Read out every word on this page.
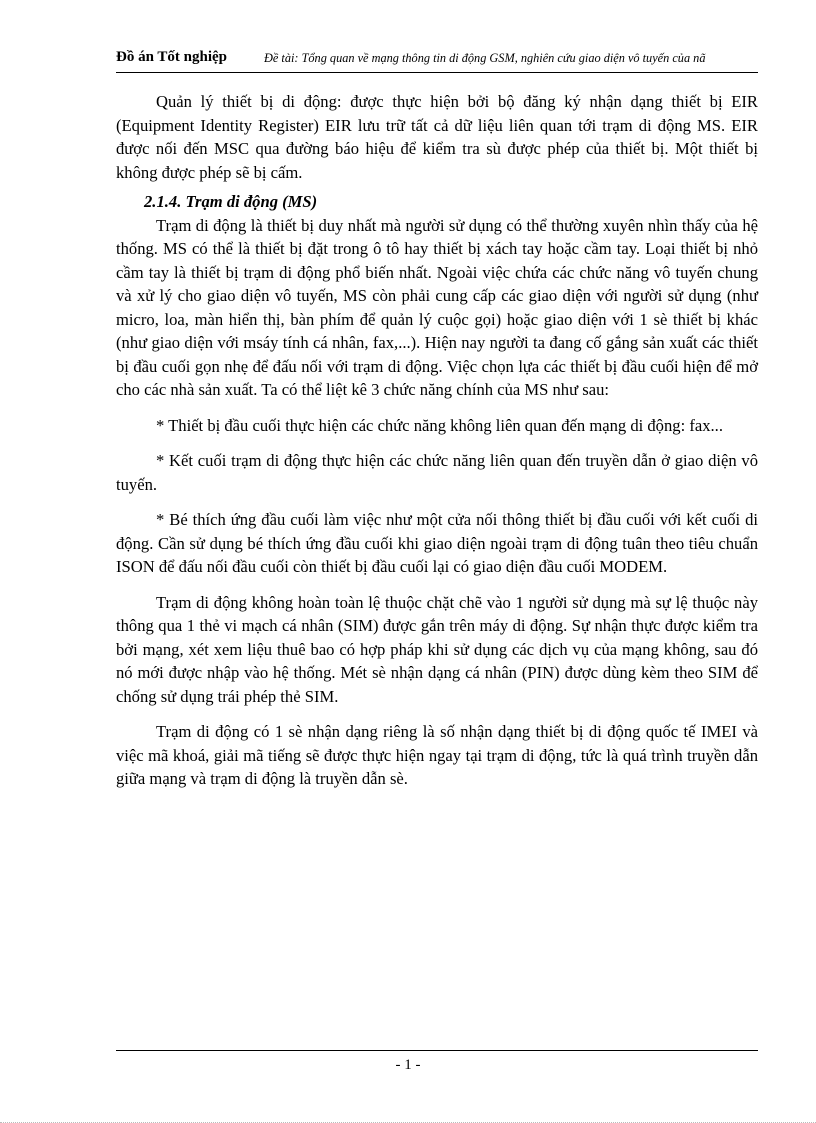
Đồ án Tốt nghiệp	Đề tài: Tổng quan về mạng thông tin di động GSM, nghiên cứu giao diện vô tuyến của nã

Quản lý thiết bị di động: được thực hiện bởi bộ đăng ký nhận dạng thiết bị EIR (Equipment Identity Register) EIR lưu trữ tất cả dữ liệu liên quan tới trạm di động MS. EIR được nối đến MSC qua đường báo hiệu để kiểm tra sù được phép của thiết bị. Một thiết bị không được phép sẽ bị cấm.

2.1.4. Trạm di động (MS)

Trạm di động là thiết bị duy nhất mà người sử dụng có thể thường xuyên nhìn thấy của hệ thống. MS có thể là thiết bị đặt trong ô tô hay thiết bị xách tay hoặc cầm tay. Loại thiết bị nhỏ cầm tay là thiết bị trạm di động phổ biến nhất. Ngoài việc chứa các chức năng vô tuyến chung và xử lý cho giao diện vô tuyến, MS còn phải cung cấp các giao diện với người sử dụng (như micro, loa, màn hiển thị, bàn phím để quản lý cuộc gọi) hoặc giao diện với 1 sè thiết bị khác (như giao diện với msáy tính cá nhân, fax,...). Hiện nay người ta đang cố gắng sản xuất các thiết bị đầu cuối gọn nhẹ để đấu nối với trạm di động. Việc chọn lựa các thiết bị đầu cuối hiện để mở cho các nhà sản xuất. Ta có thể liệt kê 3 chức năng chính của MS như sau:

* Thiết bị đầu cuối thực hiện các chức năng không liên quan đến mạng di động: fax...

* Kết cuối trạm di động thực hiện các chức năng liên quan đến truyền dẫn ở giao diện vô tuyến.

* Bé thích ứng đầu cuối làm việc như một cửa nối thông thiết bị đầu cuối với kết cuối di động. Cần sử dụng bé thích ứng đầu cuối khi giao diện ngoài trạm di động tuân theo tiêu chuẩn ISON để đấu nối đầu cuối còn thiết bị đầu cuối lại có giao diện đầu cuối MODEM.

Trạm di động không hoàn toàn lệ thuộc chặt chẽ vào 1 người sử dụng mà sự lệ thuộc này thông qua 1 thẻ vi mạch cá nhân (SIM) được gắn trên máy di động. Sự nhận thực được kiểm tra bởi mạng, xét xem liệu thuê bao có hợp pháp khi sử dụng các dịch vụ của mạng không, sau đó nó mới được nhập vào hệ thống. Mét sè nhận dạng cá nhân (PIN) được dùng kèm theo SIM để chống sử dụng trái phép thẻ SIM.

Trạm di động có 1 sè nhận dạng riêng là số nhận dạng thiết bị di động quốc tế IMEI và việc mã khoá, giải mã tiếng sẽ được thực hiện ngay tại trạm di động, tức là quá trình truyền dẫn giữa mạng và trạm di động là truyền dẫn sè.

- 1 -
